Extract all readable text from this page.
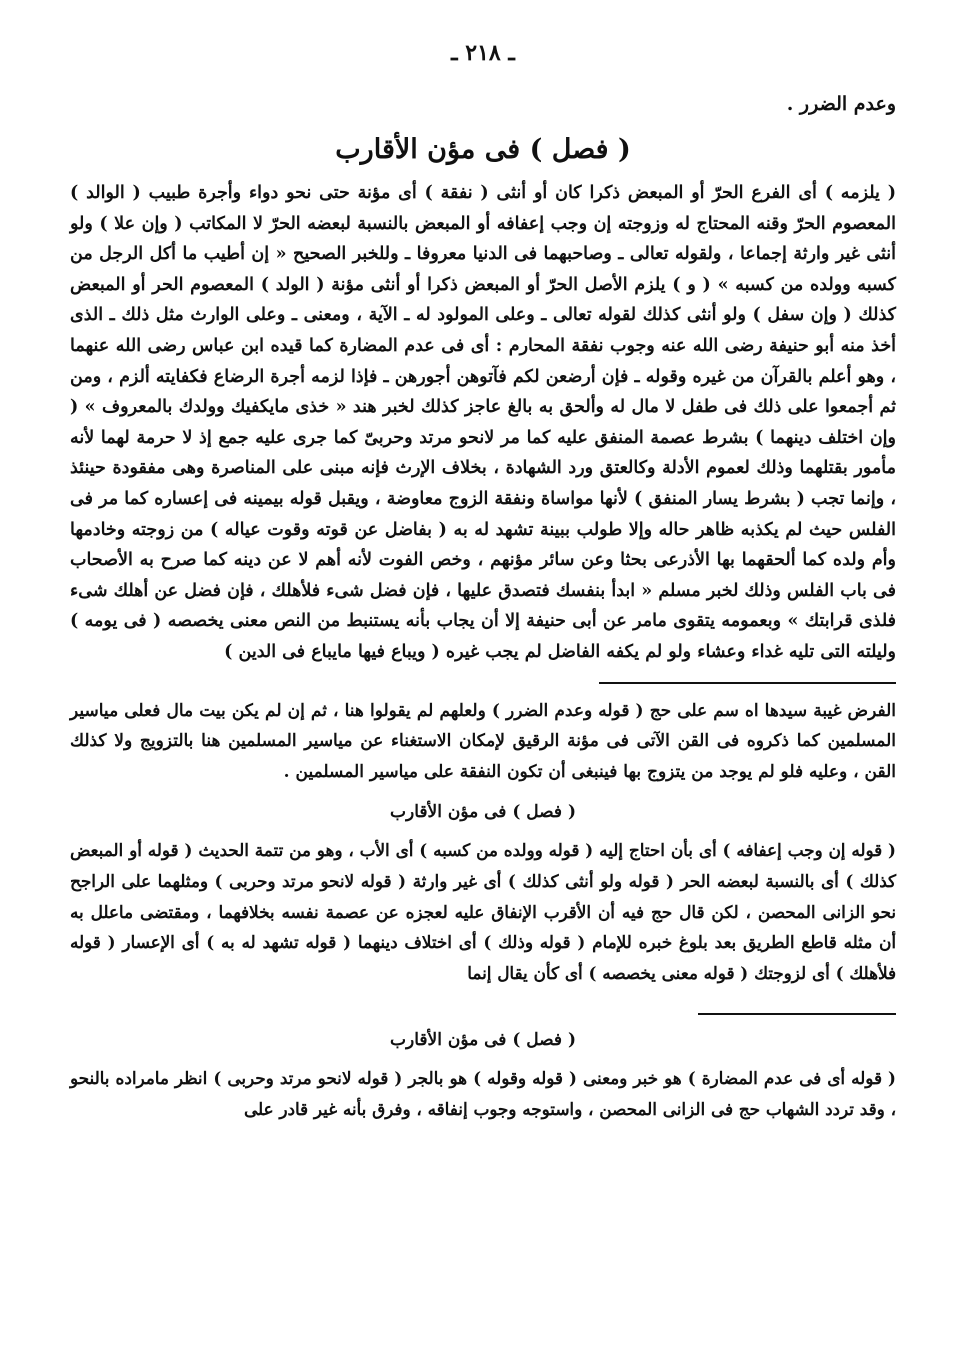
ـ ٢١٨ ـ
وعدم الضرر .
( فصل ) فى مؤن الأقارب
( يلزمه ) أى الفرع الحرّ أو المبعض ذكرا كان أو أنثى ( نفقة ) أى مؤنة حتى نحو دواء وأجرة طبيب ( الوالد ) المعصوم الحرّ وقنه المحتاج له وزوجته إن وجب إعفافه أو المبعض بالنسبة لبعضه الحرّ لا المكاتب ( وإن علا ) ولو أنثى غير وارثة إجماعا ، ولقوله تعالى ـ وصاحبهما فى الدنيا معروفا ـ وللخبر الصحيح « إن أطيب ما أكل الرجل من كسبه وولده من كسبه » ( و ) يلزم الأصل الحرّ أو المبعض ذكرا أو أنثى مؤنة ( الولد ) المعصوم الحر أو المبعض كذلك ( وإن سفل ) ولو أنثى كذلك لقوله تعالى ـ وعلى المولود له ـ الآية ، ومعنى ـ وعلى الوارث مثل ذلك ـ الذى أخذ منه أبو حنيفة رضى الله عنه وجوب نفقة المحارم : أى فى عدم المضارة كما قيده ابن عباس رضى الله عنهما ، وهو أعلم بالقرآن من غيره وقوله ـ فإن أرضعن لكم فآتوهن أجورهن ـ فإذا لزمه أجرة الرضاع فكفايته ألزم ، ومن ثم أجمعوا على ذلك فى طفل لا مال له وألحق به بالغ عاجز كذلك لخبر هند « خذى مايكفيك وولدك بالمعروف » ( وإن اختلف دينهما ) بشرط عصمة المنفق عليه كما مر لانحو مرتد وحربىّ كما جرى عليه جمع إذ لا حرمة لهما لأنه مأمور بقتلهما وذلك لعموم الأدلة وكالعتق ورد الشهادة ، بخلاف الإرث فإنه مبنى على المناصرة وهى مفقودة حينئذ ، وإنما تجب ( بشرط يسار المنفق ) لأنها مواساة ونفقة الزوج معاوضة ، ويقبل قوله بيمينه فى إعساره كما مر فى الفلس حيث لم يكذبه ظاهر حاله وإلا طولب ببينة تشهد له به ( بفاضل عن قوته وقوت عياله ) من زوجته وخادمها وأم ولده كما ألحقهما بها الأذرعى بحثا وعن سائر مؤنهم ، وخص الفوت لأنه أهم لا عن دينه كما صرح به الأصحاب فى باب الفلس وذلك لخبر مسلم « ابدأ بنفسك فتصدق عليها ، فإن فضل شىء فلأهلك ، فإن فضل عن أهلك شىء فلذى قرابتك » وبعمومه يتقوى مامر عن أبى حنيفة إلا أن يجاب بأنه يستنبط من النص معنى يخصصه ( فى يومه ) وليلته التى تليه غداء وعشاء ولو لم يكفه الفاضل لم يجب غيره ( ويباع فيها مايباع فى الدين )
الفرض غيبة سيدها اه سم على حج ( قوله وعدم الضرر ) ولعلهم لم يقولوا هنا ، ثم إن لم يكن بيت مال فعلى مياسير المسلمين كما ذكروه فى القن الآتى فى مؤنة الرقيق لإمكان الاستغناء عن مياسير المسلمين هنا بالتزويج ولا كذلك القن ، وعليه فلو لم يوجد من يتزوج بها فينبغى أن تكون النفقة على مياسير المسلمين .
( فصل ) فى مؤن الأقارب
( قوله إن وجب إعفافه ) أى بأن احتاج إليه ( قوله وولده من كسبه ) أى الأب ، وهو من تتمة الحديث ( قوله أو المبعض كذلك ) أى بالنسبة لبعضه الحر ( قوله ولو أنثى كذلك ) أى غير وارثة ( قوله لانحو مرتد وحربى ) ومثلهما على الراجح نحو الزانى المحصن ، لكن قال حج فيه أن الأقرب الإنفاق عليه لعجزه عن عصمة نفسه بخلافهما ، ومقتضى ماعلل به أن مثله قاطع الطريق بعد بلوغ خبره للإمام ( قوله وذلك ) أى اختلاف دينهما ( قوله تشهد له به ) أى الإعسار ( قوله فلأهلك ) أى لزوجتك ( قوله معنى يخصصه ) أى كأن يقال إنما
( فصل ) فى مؤن الأقارب
( قوله أى فى عدم المضارة ) هو خبر ومعنى ( قوله وقوله ) هو بالجر ( قوله لانحو مرتد وحربى ) انظر مامراده بالنحو ، وقد تردد الشهاب حج فى الزانى المحصن ، واستوجه وجوب إنفاقه ، وفرق بأنه غير قادر على
